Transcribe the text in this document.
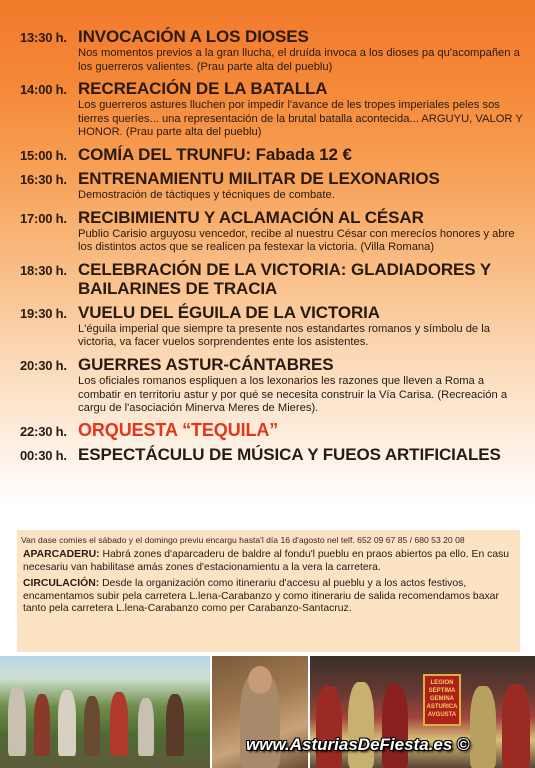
13:30 h. INVOCACIÓN A LOS DIOSES
Nos momentos previos a la gran llucha, el druída invoca a los dioses pa qu'acompañen a los guerreros valientes. (Prau parte alta del pueblu)
14:00 h. RECREACIÓN DE LA BATALLA
Los guerreros astures lluchen por impedir l'avance de les tropes imperiales peles sos tierres queríes... una representación de la brutal batalla acontecida... ARGUYU, VALOR Y HONOR. (Prau parte alta del pueblu)
15:00 h. COMÍA DEL TRUNFU: Fabada 12 €
16:30 h. ENTRENAMIENTU MILITAR DE LEXONARIOS
Demostración de táctiques y técniques de combate.
17:00 h. RECIBIMIENTU Y ACLAMACIÓN AL CÉSAR
Publio Carisio arguyosu vencedor, recibe al nuestru César con merecíos honores y abre los distintos actos que se realicen pa festexar la victoria. (Villa Romana)
18:30 h. CELEBRACIÓN DE LA VICTORIA: GLADIADORES Y BAILARINES DE TRACIA
19:30 h. VUELU DEL ÉGUILA DE LA VICTORIA
L'éguila imperial que siempre ta presente nos estandartes romanos y símbolu de la victoria, va facer vuelos sorprendentes ente los asistentes.
20:30 h. GUERRES ASTUR-CÁNTABRES
Los oficiales romanos espliquen a los lexonarios les razones que lleven a Roma a combatir en territoriu astur y por qué se necesita construir la Vía Carisa. (Recreación a cargu de l'asociación Minerva Meres de Mieres).
22:30 h. ORQUESTA “TEQUILA”
00:30 h. ESPECTÁCULU DE MÚSICA Y FUEOS ARTIFICIALES
Van dase comíes el sábado y el domingo previu encargu hasta'l día 16 d'agosto nel telf. 652 09 67 85 / 680 53 20 08
APARCADERU: Habrá zones d'aparcaderu de baldre al fondu'l pueblu en praos abiertos pa ello. En casu necesariu van habilitase amás zones d'estacionamientu a la vera la carretera.
CIRCULACIÓN: Desde la organización como itinerariu d'accesu al pueblu y a los actos festivos, encamentamos subir pela carretera L.lena-Carabanzo y como itinerariu de salida recomendamos baxar tanto pela carretera L.lena-Carabanzo como per Carabanzo-Santacruz.
LEGION SEPTIMA GEMINA ASTURICA AVGUSTA
www.AsturiasDeFiesta.es ©
